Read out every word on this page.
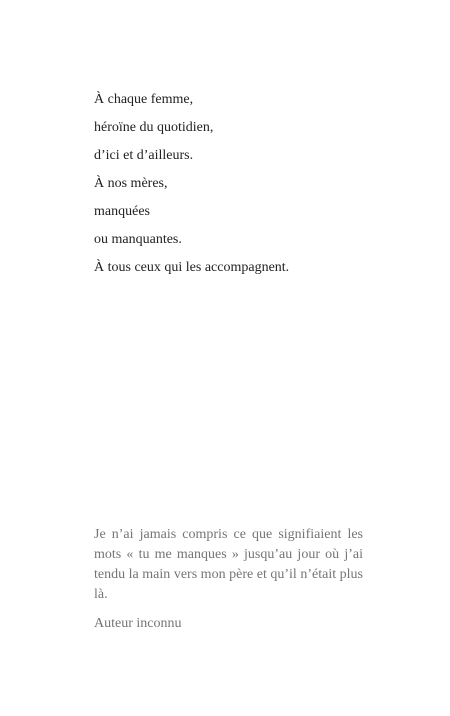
À chaque femme,
héroïne du quotidien,
d’ici et d’ailleurs.
À nos mères,
manquées
ou manquantes.
À tous ceux qui les accompagnent.

Je n’ai jamais compris ce que signifiaient les mots « tu me manques » jusqu’au jour où j’ai tendu la main vers mon père et qu’il n’était plus là.

Auteur inconnu
